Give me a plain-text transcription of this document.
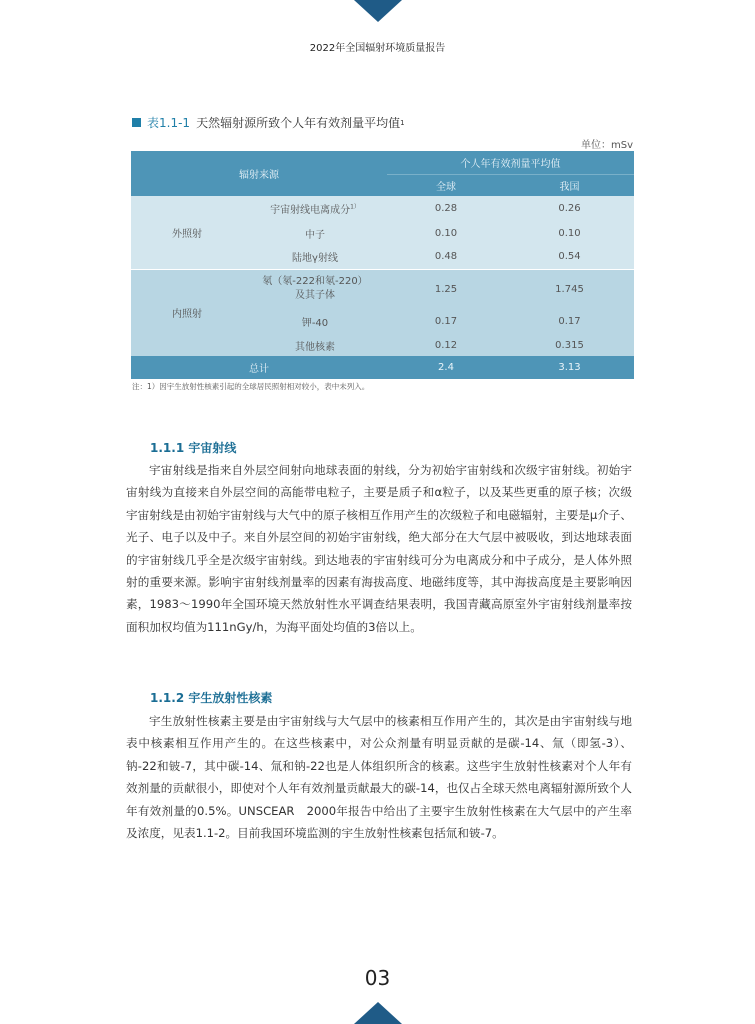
2022年全国辐射环境质量报告
表1.1-1 天然辐射源所致个人年有效剂量平均值 1
单位：mSv
辐射来源		个人年有效剂量平均值	
		全球	我国
外照射	宇宙射线电离成分$^{1)}$	0.28	0.26
	中子	0.10	0.10
	陆地γ射线	0.48	0.54
内照射	氡（氡-222和氡-220）
及其子体	1.25	1.745
	钾-40	0.17	0.17
	其他核素	0.12	0.315
总计		2.4	3.13
注：1）因宇生放射性核素引起的全球居民照射相对较小，表中未列入。
1.1.1 宇宙射线

宇宙射线是指来自外层空间射向地球表面的射线，分为初始宇宙射线和次级宇宙射线。初始宇宙射线为直接来自外层空间的高能带电粒子，主要是质子和α粒子，以及某些更重的原子核；次级宇宙射线是由初始宇宙射线与大气中的原子核相互作用产生的次级粒子和电磁辐射，主要是μ介子、光子、电子以及中子。来自外层空间的初始宇宙射线，绝大部分在大气层中被吸收，到达地球表面的宇宙射线几乎全是次级宇宙射线。到达地表的宇宙射线可分为电离成分和中子成分，是人体外照射的重要来源。影响宇宙射线剂量率的因素有海拔高度、地磁纬度等，其中海拔高度是主要影响因素，1983～1990年全国环境天然放射性水平调查结果表明，我国青藏高原室外宇宙射线剂量率按面积加权均值为111nGy/h，为海平面处均值的3倍以上。

1.1.2 宇生放射性核素

宇生放射性核素主要是由宇宙射线与大气层中的核素相互作用产生的，其次是由宇宙射线与地表中核素相互作用产生的。在这些核素中，对公众剂量有明显贡献的是碳-14、氚（即氢-3）、钠-22和铍-7，其中碳-14、氚和钠-22也是人体组织所含的核素。这些宇生放射性核素对个人年有效剂量的贡献很小，即使对个人年有效剂量贡献最大的碳-14，也仅占全球天然电离辐射源所致个人年有效剂量的0.5%。UNSCEAR　2000年报告中给出了主要宇生放射性核素在大气层中的产生率及浓度，见表1.1-2。目前我国环境监测的宇生放射性核素包括氚和铍-7。

03
